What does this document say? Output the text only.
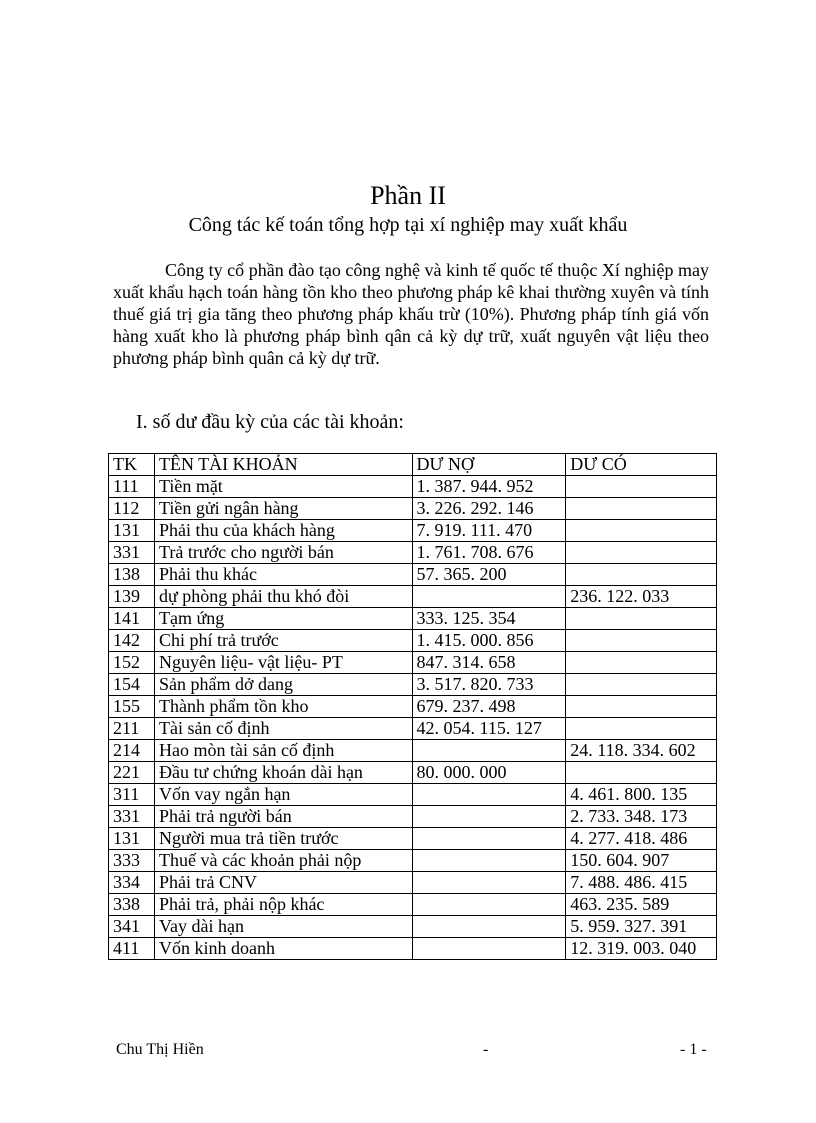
Phần II
Công tác kế toán tổng hợp tại xí nghiệp may xuất khẩu

Công ty cổ phần đào tạo công nghệ và kinh tế quốc tế thuộc Xí nghiệp may xuất khẩu hạch toán hàng tồn kho theo phương pháp kê khai thường xuyên và tính thuế giá trị gia tăng theo phương pháp khấu trừ (10%). Phương pháp tính giá vốn hàng xuất kho là phương pháp bình qân cả kỳ dự trữ, xuất nguyên vật liệu theo phương pháp bình quân cả kỳ dự trữ.

I. số dư đầu kỳ của các tài khoản:
TK	TÊN TÀI KHOẢN	DƯ NỢ	DƯ CÓ
111	Tiền mặt	1. 387. 944. 952	
112	Tiền gửi ngân hàng	3. 226. 292. 146	
131	Phải thu của khách hàng	7. 919. 111. 470	
331	Trả trước cho người bán	1. 761. 708. 676	
138	Phải thu khác	57. 365. 200	
139	dự phòng phải thu khó đòi		236. 122. 033
141	Tạm ứng	333. 125. 354	
142	Chi phí trả trước	1. 415. 000. 856	
152	Nguyên liệu- vật liệu- PT	847. 314. 658	
154	Sản phẩm dở dang	3. 517. 820. 733	
155	Thành phẩm tồn kho	679. 237. 498	
211	Tài sản cố định	42. 054. 115. 127	
214	Hao mòn tài sản cố định		24. 118. 334. 602
221	Đầu tư chứng khoán dài hạn	80. 000. 000	
311	Vốn vay ngắn hạn		4. 461. 800. 135
331	Phải trả người bán		2. 733. 348. 173
131	Người mua trả tiền trước		4. 277. 418. 486
333	Thuế và các khoản phải nộp		150. 604. 907
334	Phải trả CNV		7. 488. 486. 415
338	Phải trả, phải nộp khác		463. 235. 589
341	Vay dài hạn		5. 959. 327. 391
411	Vốn kinh doanh		12. 319. 003. 040
Chu Thị Hiền	-	- 1 -
